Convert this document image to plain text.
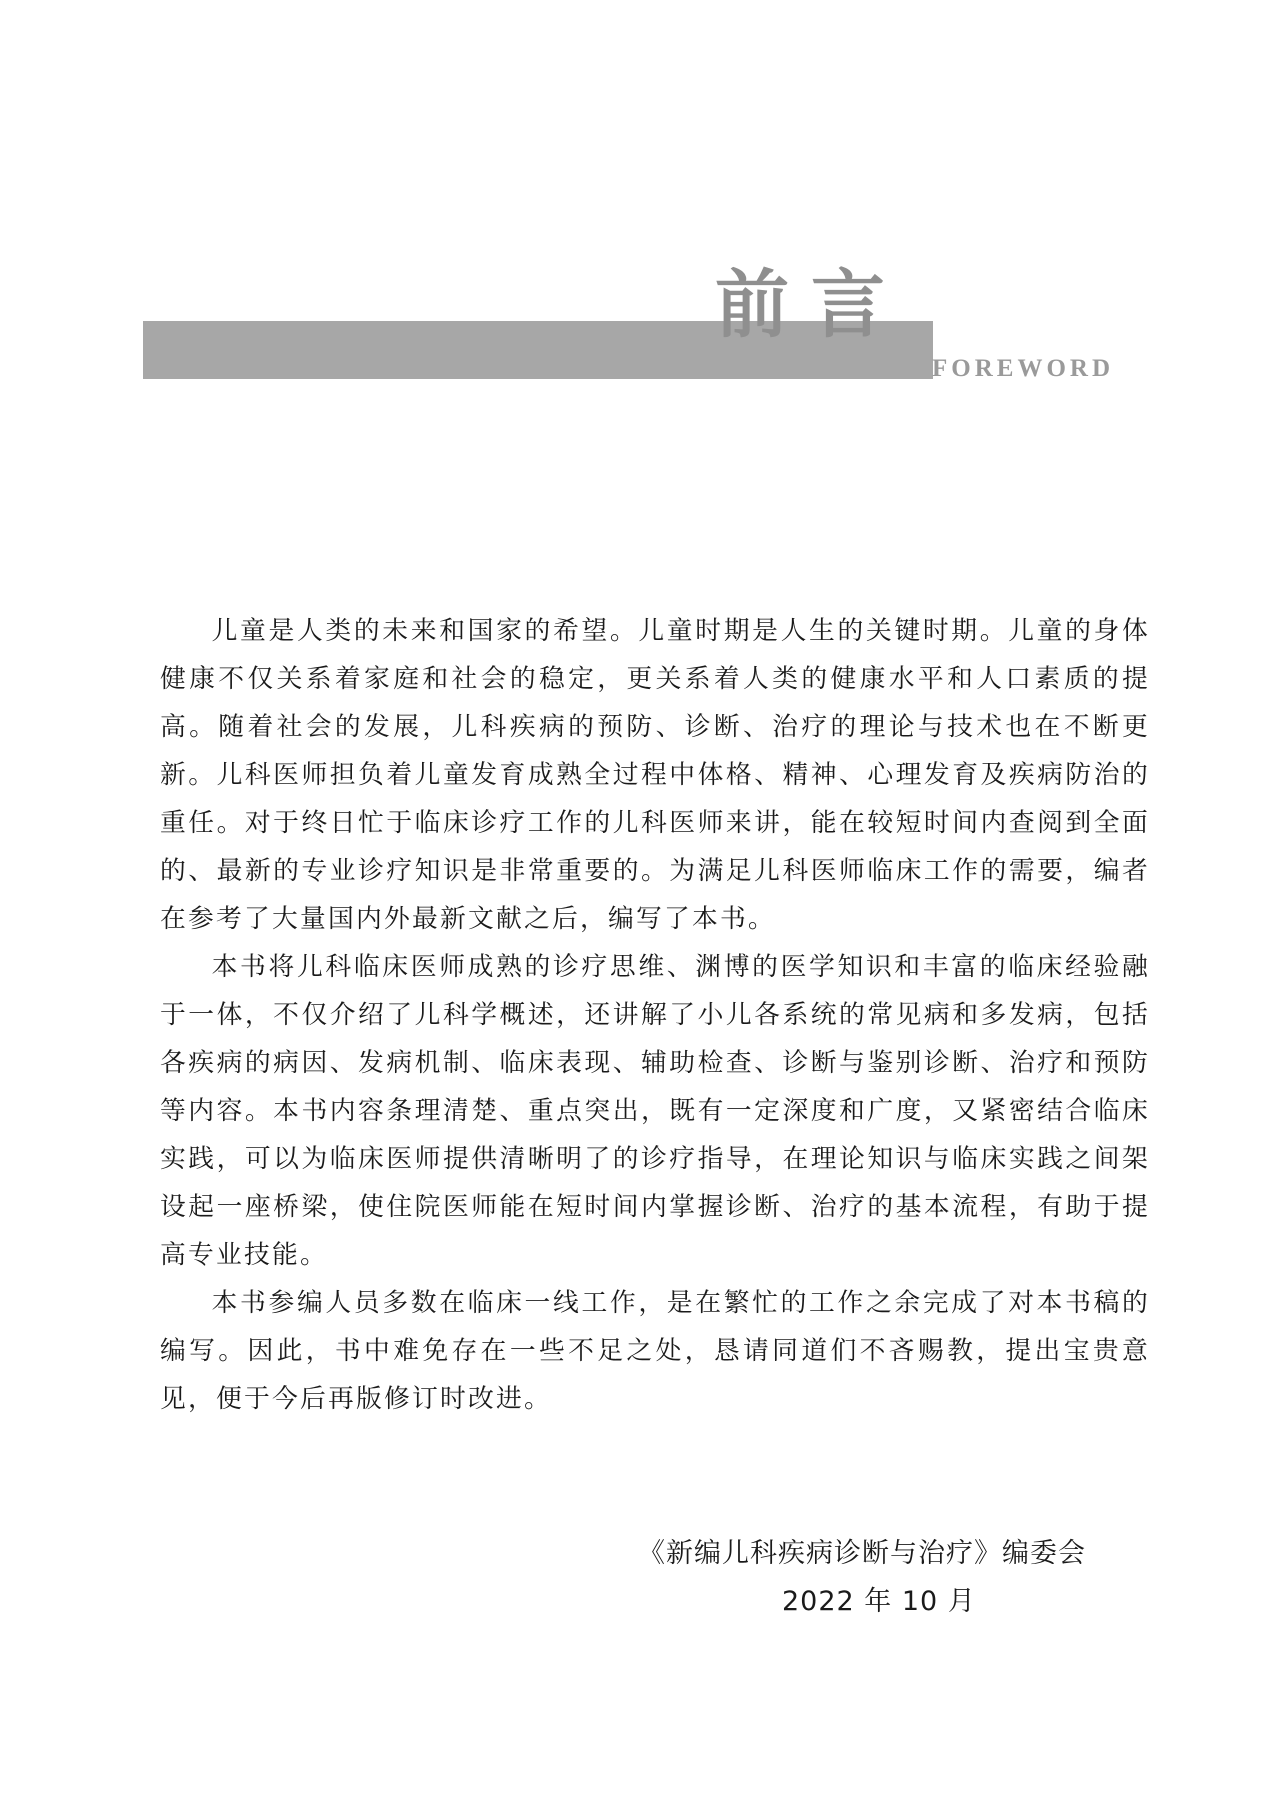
前言
FOREWORD

儿童是人类的未来和国家的希望。儿童时期是人生的关键时期。儿童的身体健康不仅关系着家庭和社会的稳定，更关系着人类的健康水平和人口素质的提高。随着社会的发展，儿科疾病的预防、诊断、治疗的理论与技术也在不断更新。儿科医师担负着儿童发育成熟全过程中体格、精神、心理发育及疾病防治的重任。对于终日忙于临床诊疗工作的儿科医师来讲，能在较短时间内查阅到全面的、最新的专业诊疗知识是非常重要的。为满足儿科医师临床工作的需要，编者在参考了大量国内外最新文献之后，编写了本书。

本书将儿科临床医师成熟的诊疗思维、渊博的医学知识和丰富的临床经验融于一体，不仅介绍了儿科学概述，还讲解了小儿各系统的常见病和多发病，包括各疾病的病因、发病机制、临床表现、辅助检查、诊断与鉴别诊断、治疗和预防等内容。本书内容条理清楚、重点突出，既有一定深度和广度，又紧密结合临床实践，可以为临床医师提供清晰明了的诊疗指导，在理论知识与临床实践之间架设起一座桥梁，使住院医师能在短时间内掌握诊断、治疗的基本流程，有助于提高专业技能。

本书参编人员多数在临床一线工作，是在繁忙的工作之余完成了对本书稿的编写。因此，书中难免存在一些不足之处，恳请同道们不吝赐教，提出宝贵意见，便于今后再版修订时改进。

《新编儿科疾病诊断与治疗》编委会
2022 年 10 月
